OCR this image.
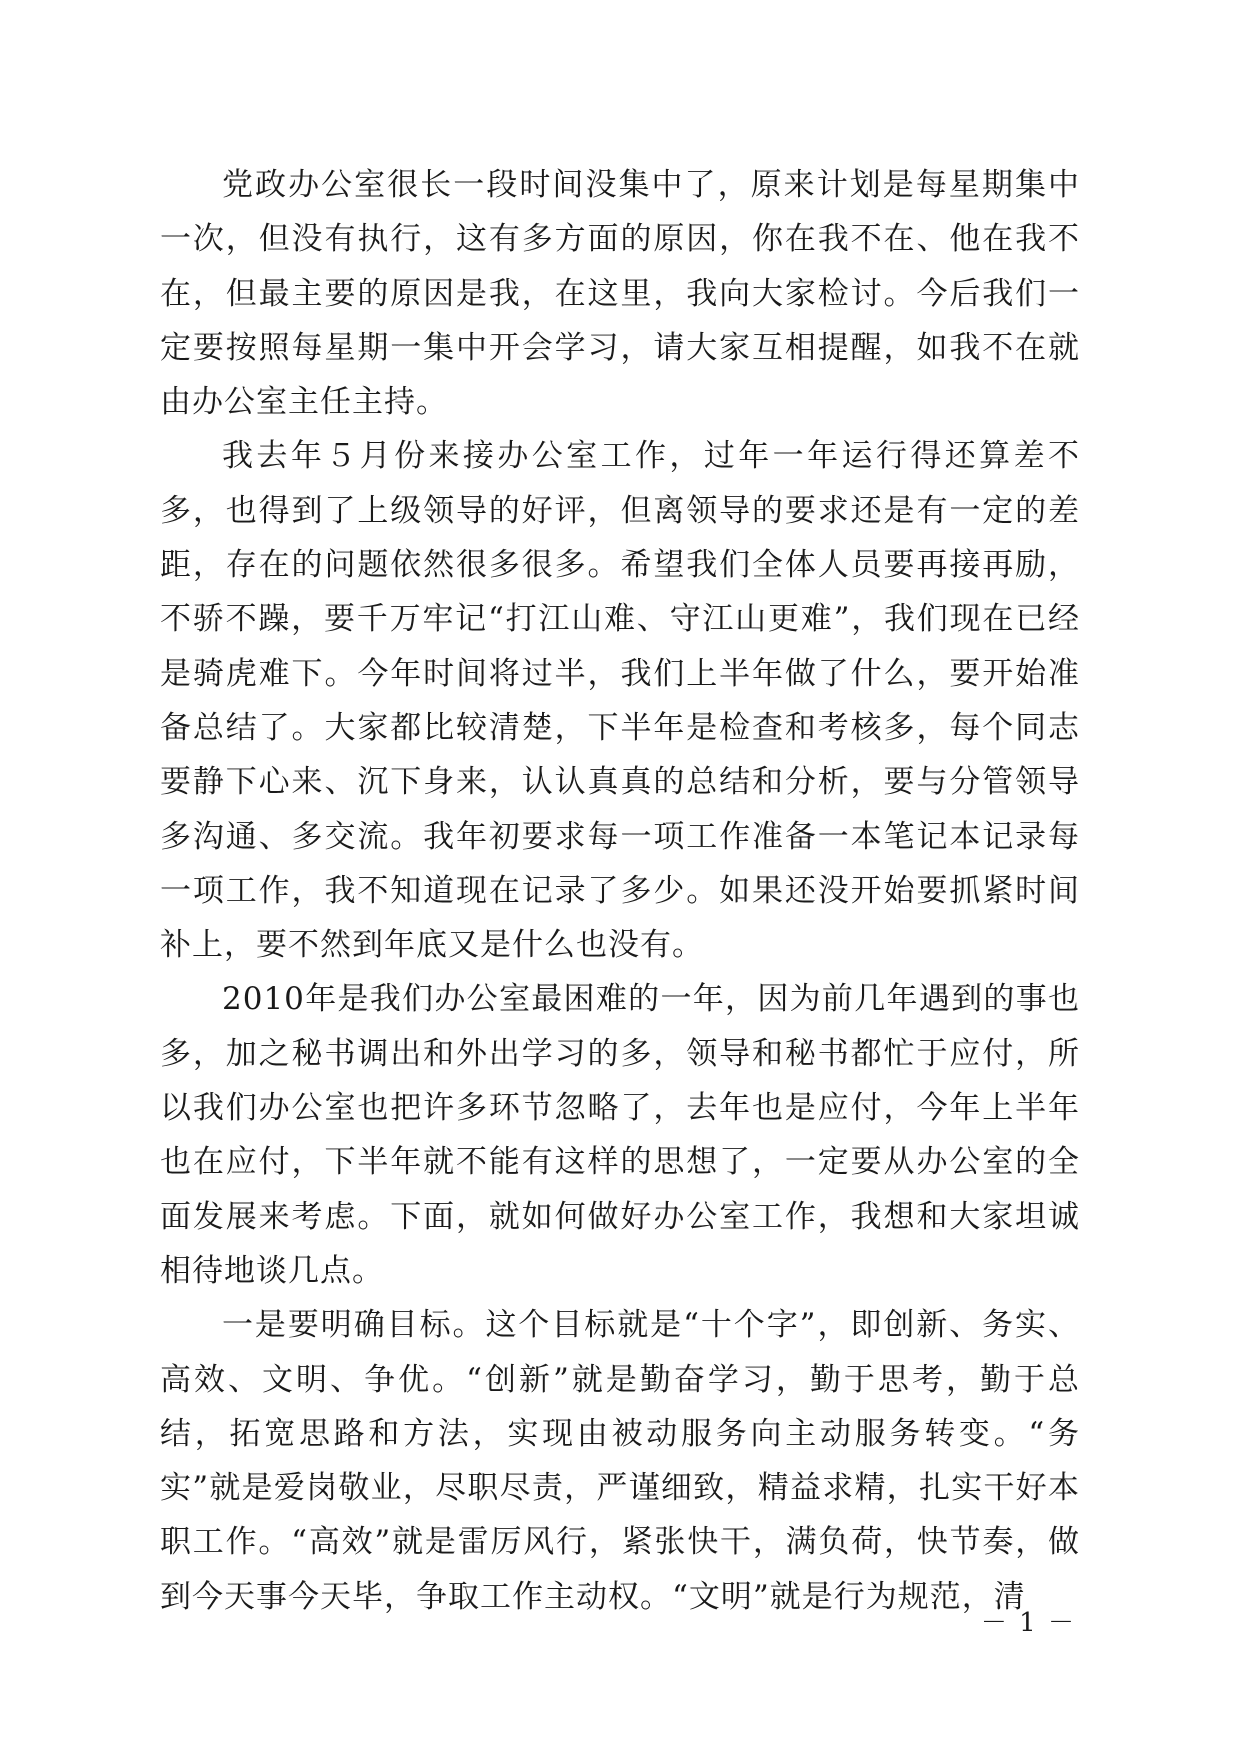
党政办公室很长一段时间没集中了，原来计划是每星期集中一次，但没有执行，这有多方面的原因，你在我不在、他在我不在，但最主要的原因是我，在这里，我向大家检讨。今后我们一定要按照每星期一集中开会学习，请大家互相提醒，如我不在就由办公室主任主持。

我去年５月份来接办公室工作，过年一年运行得还算差不多，也得到了上级领导的好评，但离领导的要求还是有一定的差距，存在的问题依然很多很多。希望我们全体人员要再接再励，不骄不躁，要千万牢记“打江山难、守江山更难”，我们现在已经是骑虎难下。今年时间将过半，我们上半年做了什么，要开始准备总结了。大家都比较清楚，下半年是检查和考核多，每个同志要静下心来、沉下身来，认认真真的总结和分析，要与分管领导多沟通、多交流。我年初要求每一项工作准备一本笔记本记录每一项工作，我不知道现在记录了多少。如果还没开始要抓紧时间补上，要不然到年底又是什么也没有。

2010年是我们办公室最困难的一年，因为前几年遇到的事也多，加之秘书调出和外出学习的多，领导和秘书都忙于应付，所以我们办公室也把许多环节忽略了，去年也是应付，今年上半年也在应付，下半年就不能有这样的思想了，一定要从办公室的全面发展来考虑。下面，就如何做好办公室工作，我想和大家坦诚相待地谈几点。

一是要明确目标。这个目标就是“十个字”，即创新、务实、高效、文明、争优。“创新”就是勤奋学习，勤于思考，勤于总结，拓宽思路和方法，实现由被动服务向主动服务转变。“务实”就是爱岗敬业，尽职尽责，严谨细致，精益求精，扎实干好本职工作。“高效”就是雷厉风行，紧张快干，满负荷，快节奏，做到今天事今天毕，争取工作主动权。“文明”就是行为规范，清

－ 1 －
